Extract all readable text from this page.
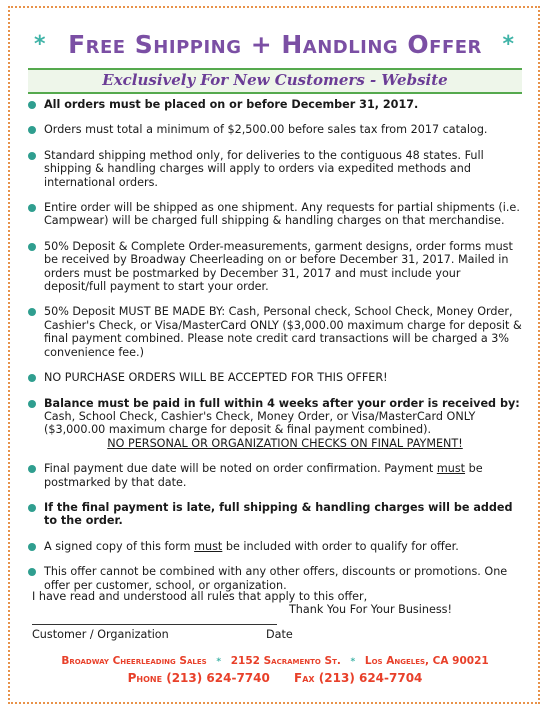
* Free Shipping + Handling Offer *
Exclusively For New Customers - Website
All orders must be placed on or before December 31, 2017.
Orders must total a minimum of $2,500.00 before sales tax from 2017 catalog.
Standard shipping method only, for deliveries to the contiguous 48 states. Full shipping & handling charges will apply to orders via expedited methods and international orders.
Entire order will be shipped as one shipment. Any requests for partial shipments (i.e. Campwear) will be charged full shipping & handling charges on that merchandise.
50% Deposit & Complete Order-measurements, garment designs, order forms must be received by Broadway Cheerleading on or before December 31, 2017. Mailed in orders must be postmarked by December 31, 2017 and must include your deposit/full payment to start your order.
50% Deposit MUST BE MADE BY: Cash, Personal check, School Check, Money Order, Cashier's Check, or Visa/MasterCard ONLY ($3,000.00 maximum charge for deposit & final payment combined. Please note credit card transactions will be charged a 3% convenience fee.)
NO PURCHASE ORDERS WILL BE ACCEPTED FOR THIS OFFER!
Balance must be paid in full within 4 weeks after your order is received by: Cash, School Check, Cashier's Check, Money Order, or Visa/MasterCard ONLY ($3,000.00 maximum charge for deposit & final payment combined).
NO PERSONAL OR ORGANIZATION CHECKS ON FINAL PAYMENT!
Final payment due date will be noted on order confirmation. Payment must be postmarked by that date.
If the final payment is late, full shipping & handling charges will be added to the order.
A signed copy of this form must be included with order to qualify for offer.
This offer cannot be combined with any other offers, discounts or promotions. One offer per customer, school, or organization.
I have read and understood all rules that apply to this offer,
Thank You For Your Business!
Customer / Organization	Date
Broadway Cheerleading Sales * 2152 Sacramento St. * Los Angeles, CA 90021
Phone (213) 624-7740 Fax (213) 624-7704
